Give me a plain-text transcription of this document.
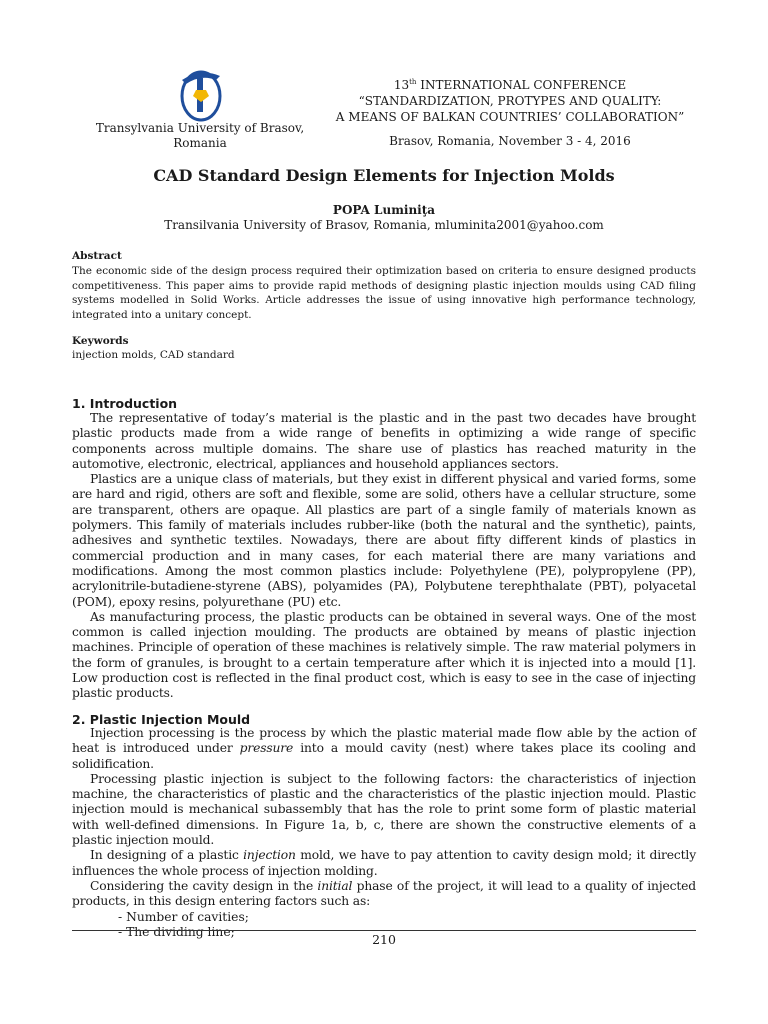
Transylvania University of Brasov,
Romania
13th INTERNATIONAL CONFERENCE
“STANDARDIZATION, PROTYPES AND QUALITY:
A MEANS OF BALKAN COUNTRIES’ COLLABORATION”
Brasov, Romania, November 3 - 4, 2016
CAD Standard Design Elements for Injection Molds
POPA Luminiţa
Transilvania University of Brasov, Romania, mluminita2001@yahoo.com
Abstract
The economic side of the design process required their optimization based on criteria to ensure designed products competitiveness. This paper aims to provide rapid methods of designing plastic injection moulds using CAD filing systems modelled in Solid Works. Article addresses the issue of using innovative high performance technology, integrated into a unitary concept.
Keywords
injection molds, CAD standard
1. Introduction

The representative of today’s material is the plastic and in the past two decades have brought plastic products made from a wide range of benefits in optimizing a wide range of specific components across multiple domains. The share use of plastics has reached maturity in the automotive, electronic, electrical, appliances and household appliances sectors.

Plastics are a unique class of materials, but they exist in different physical and varied forms, some are hard and rigid, others are soft and flexible, some are solid, others have a cellular structure, some are transparent, others are opaque. All plastics are part of a single family of materials known as polymers. This family of materials includes rubber-like (both the natural and the synthetic), paints, adhesives and synthetic textiles. Nowadays, there are about fifty different kinds of plastics in commercial production and in many cases, for each material there are many variations and modifications. Among the most common plastics include: Polyethylene (PE), polypropylene (PP), acrylonitrile-butadiene-styrene (ABS), polyamides (PA), Polybutene terephthalate (PBT), polyacetal (POM), epoxy resins, polyurethane (PU) etc.

As manufacturing process, the plastic products can be obtained in several ways. One of the most common is called injection moulding. The products are obtained by means of plastic injection machines. Principle of operation of these machines is relatively simple. The raw material polymers in the form of granules, is brought to a certain temperature after which it is injected into a mould [1]. Low production cost is reflected in the final product cost, which is easy to see in the case of injecting plastic products.

2. Plastic Injection Mould

Injection processing is the process by which the plastic material made flow able by the action of heat is introduced under pressure into a mould cavity (nest) where takes place its cooling and solidification.

Processing plastic injection is subject to the following factors: the characteristics of injection machine, the characteristics of plastic and the characteristics of the plastic injection mould. Plastic injection mould is mechanical subassembly that has the role to print some form of plastic material with well-defined dimensions. In Figure 1a, b, c, there are shown the constructive elements of a plastic injection mould.

In designing of a plastic injection mold, we have to pay attention to cavity design mold; it directly influences the whole process of injection molding.

Considering the cavity design in the initial phase of the project, it will lead to a quality of injected products, in this design entering factors such as:

- Number of cavities;
- The dividing line;
210
